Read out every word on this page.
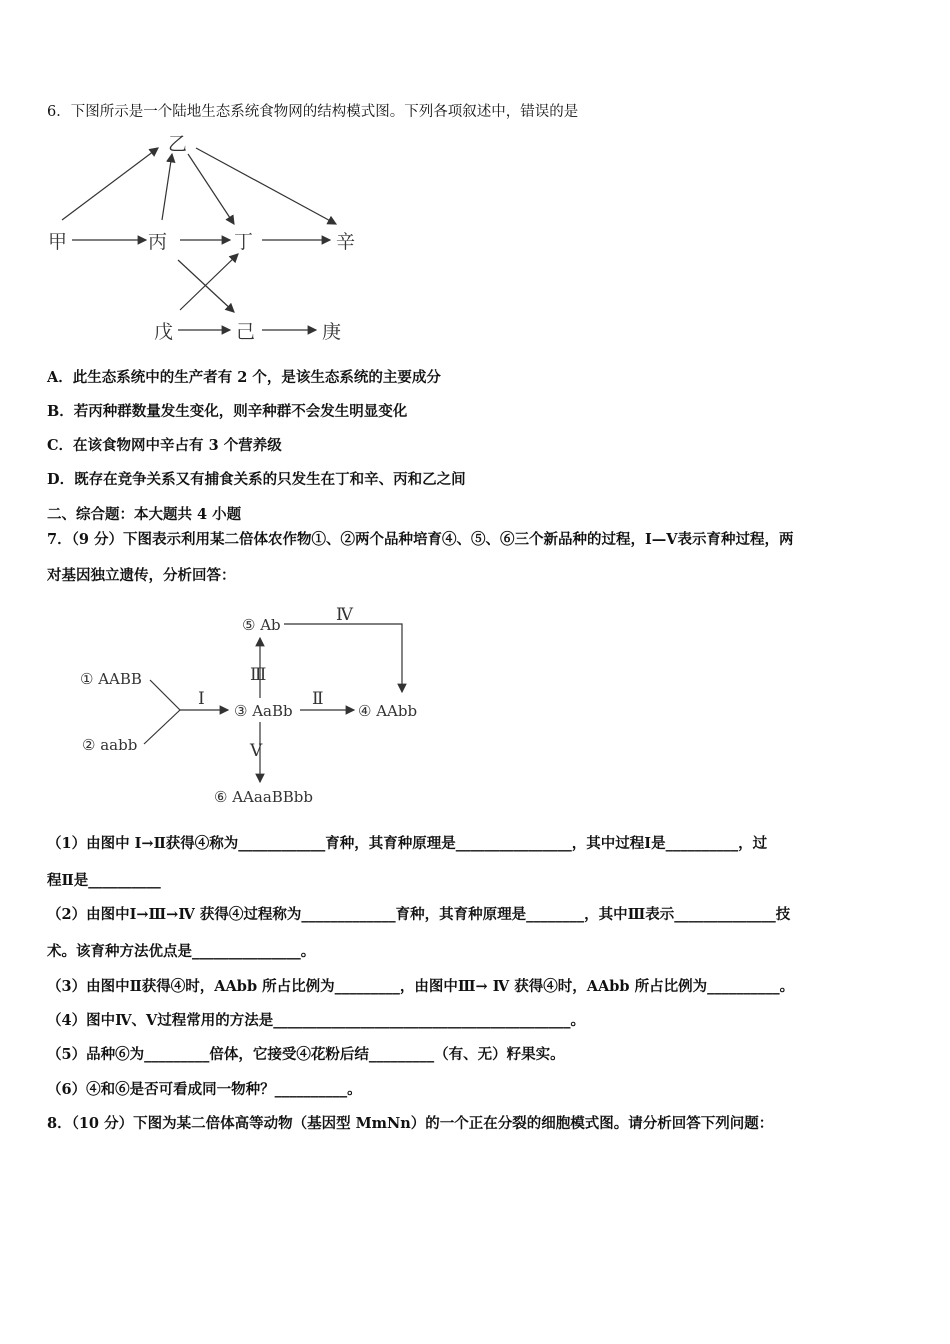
6．下图所示是一个陆地生态系统食物网的结构模式图。下列各项叙述中，错误的是
乙
甲	丙	丁	辛
戊	己	庚
A．此生态系统中的生产者有 2 个，是该生态系统的主要成分
B．若丙种群数量发生变化，则辛种群不会发生明显变化
C．在该食物网中辛占有 3 个营养级
D．既存在竞争关系又有捕食关系的只发生在丁和辛、丙和乙之间
二、综合题：本大题共 4 小题
7．（9 分）下图表示利用某二倍体农作物①、②两个品种培育④、⑤、⑥三个新品种的过程，Ⅰ—Ⅴ表示育种过程，两
对基因独立遗传，分析回答：
① AABB
② aabb
③ AaBb	④ AAbb
⑤ Ab
⑥ AAaaBBbb
Ⅰ	Ⅱ
Ⅲ
Ⅳ
Ⅴ
（1）由图中 Ⅰ→Ⅱ获得④称为____________育种，其育种原理是________________，其中过程Ⅰ是__________，过
程Ⅱ是__________
（2）由图中Ⅰ→Ⅲ→Ⅳ 获得④过程称为_____________育种，其育种原理是________，其中Ⅲ表示______________技
术。该育种方法优点是_______________。
（3）由图中Ⅱ获得④时，AAbb 所占比例为_________，由图中Ⅲ→ Ⅳ 获得④时，AAbb 所占比例为__________。
（4）图中Ⅳ、Ⅴ过程常用的方法是_________________________________________。
（5）品种⑥为_________倍体，它接受④花粉后结_________（有、无）籽果实。
（6）④和⑥是否可看成同一物种？__________。
8．（10 分）下图为某二倍体高等动物（基因型 MmNn）的一个正在分裂的细胞模式图。请分析回答下列问题：
